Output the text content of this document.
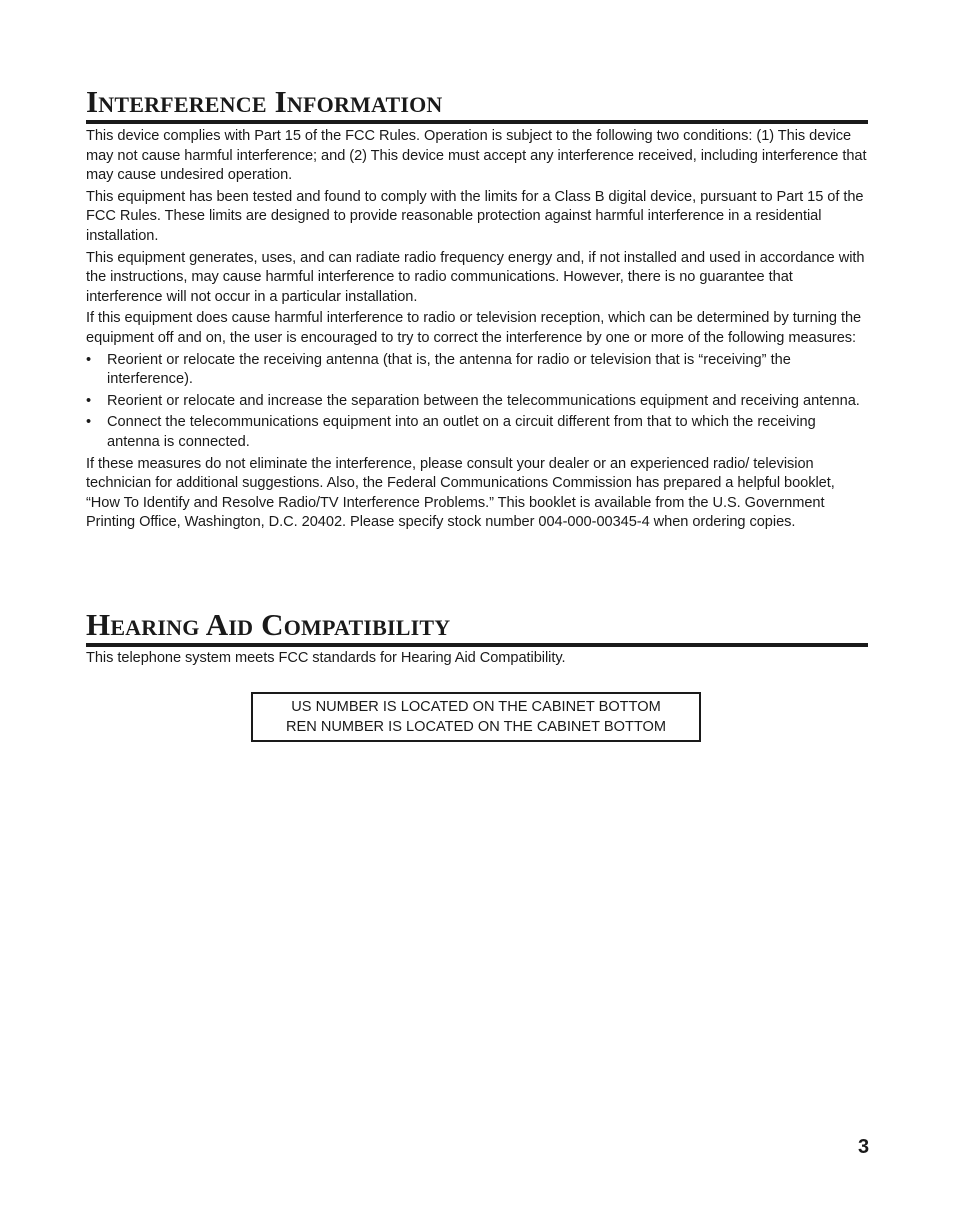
Interference Information

This device complies with Part 15 of the FCC Rules. Operation is subject to the following two conditions: (1) This device may not cause harmful interference; and (2) This device must accept any interference received, including interference that may cause undesired operation.

This equipment has been tested and found to comply with the limits for a Class B digital device, pursuant to Part 15 of the FCC Rules. These limits are designed to provide reasonable protection against harmful interference in a residential installation.

This equipment generates, uses, and can radiate radio frequency energy and, if not installed and used in accordance with the instructions, may cause harmful interference to radio communications. However, there is no guarantee that interference will not occur in a particular installation.

If this equipment does cause harmful interference to radio or television reception, which can be determined by turning the equipment off and on, the user is encouraged to try to correct the interference by one or more of the following measures:

• Reorient or relocate the receiving antenna (that is, the antenna for radio or television that is “receiving” the interference).
• Reorient or relocate and increase the separation between the telecommunications equipment and receiving antenna.
• Connect the telecommunications equipment into an outlet on a circuit different from that to which the receiving antenna is connected.

If these measures do not eliminate the interference, please consult your dealer or an experienced radio/ television technician for additional suggestions. Also, the Federal Communications Commission has prepared a helpful booklet, “How To Identify and Resolve Radio/TV Interference Problems.” This booklet is available from the U.S. Government Printing Office, Washington, D.C. 20402. Please specify stock number 004-000-00345-4 when ordering copies.

Hearing Aid Compatibility

This telephone system meets FCC standards for Hearing Aid Compatibility.

US NUMBER IS LOCATED ON THE CABINET BOTTOM
REN NUMBER IS LOCATED ON THE CABINET BOTTOM
3
